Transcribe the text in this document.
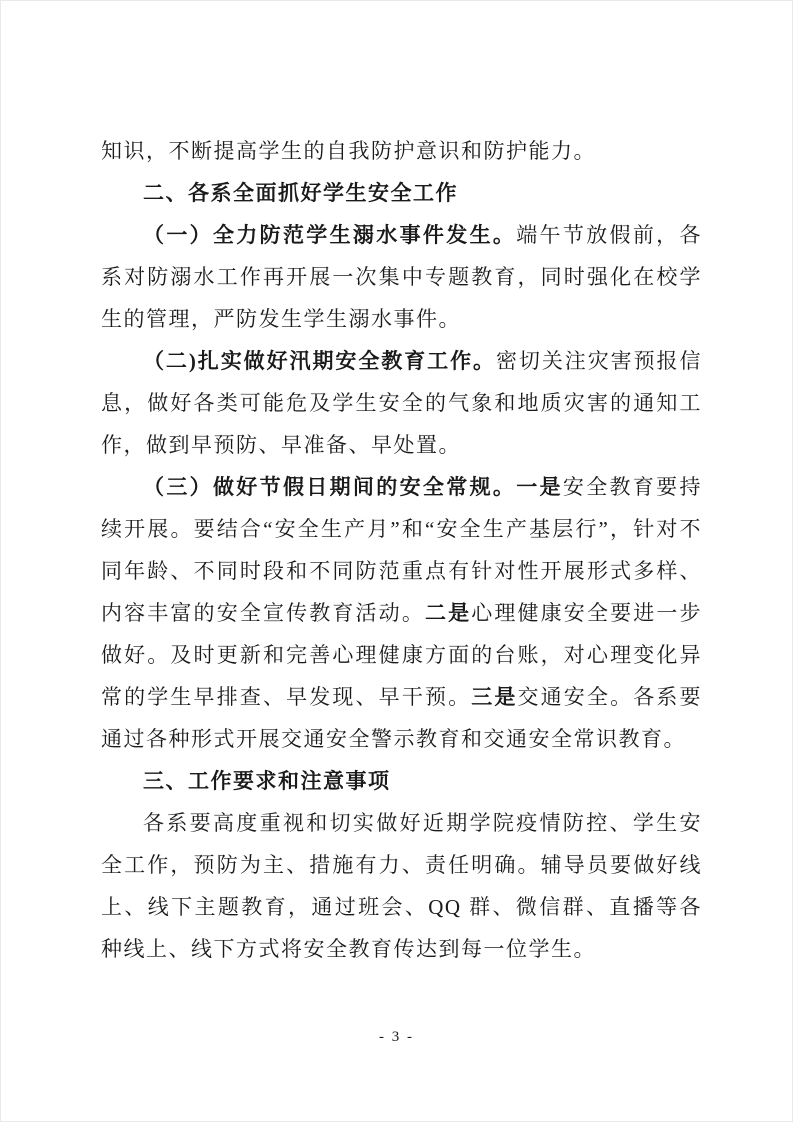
知识，不断提高学生的自我防护意识和防护能力。

二、各系全面抓好学生安全工作

（一）全力防范学生溺水事件发生。端午节放假前，各系对防溺水工作再开展一次集中专题教育，同时强化在校学生的管理，严防发生学生溺水事件。

（二)扎实做好汛期安全教育工作。密切关注灾害预报信息，做好各类可能危及学生安全的气象和地质灾害的通知工作，做到早预防、早准备、早处置。

（三）做好节假日期间的安全常规。一是安全教育要持续开展。要结合“安全生产月”和“安全生产基层行”，针对不同年龄、不同时段和不同防范重点有针对性开展形式多样、内容丰富的安全宣传教育活动。二是心理健康安全要进一步做好。及时更新和完善心理健康方面的台账，对心理变化异常的学生早排查、早发现、早干预。三是交通安全。各系要通过各种形式开展交通安全警示教育和交通安全常识教育。

三、工作要求和注意事项

各系要高度重视和切实做好近期学院疫情防控、学生安全工作，预防为主、措施有力、责任明确。辅导员要做好线上、线下主题教育，通过班会、QQ 群、微信群、直播等各种线上、线下方式将安全教育传达到每一位学生。

- 3 -
